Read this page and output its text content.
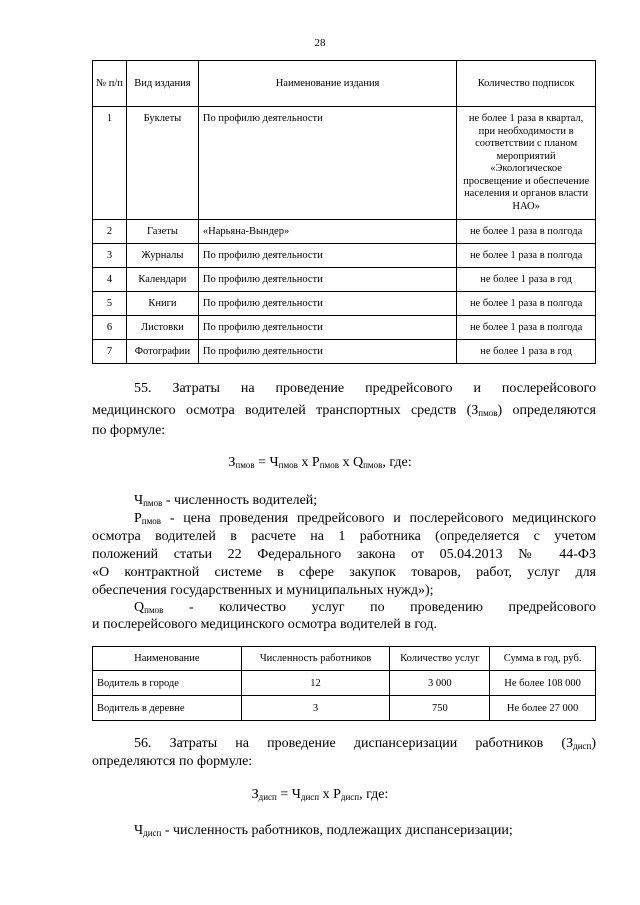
28
№ п/п	Вид издания	Наименование издания	Количество подписок
1	Буклеты	По профилю деятельности	не более 1 раза в квартал, при необходимости в соответствии с планом мероприятий «Экологическое просвещение и обеспечение населения и органов власти НАО»
2	Газеты	«Нарьяна-Вындер»	не более 1 раза в полгода
3	Журналы	По профилю деятельности	не более 1 раза в полгода
4	Календари	По профилю деятельности	не более 1 раза в год
5	Книги	По профилю деятельности	не более 1 раза в полгода
6	Листовки	По профилю деятельности	не более 1 раза в полгода
7	Фотографии	По профилю деятельности	не более 1 раза в год
55. Затраты на проведение предрейсового и послерейсового
медицинского осмотра водителей транспортных средств $(З_{пмов})$ определяются
по формуле:
$З_{пмов} = Ч_{пмов}$ х $Р_{пмов}$ х $Q_{пмов}$, где:
$Ч_{пмов}$ - численность водителей;
$Р_{пмов}$ - цена проведения предрейсового и послерейсового медицинского
осмотра водителей в расчете на 1 работника (определяется с учетом
положений статьи 22 Федерального закона от 05.04.2013 № 44-ФЗ
«О контрактной системе в сфере закупок товаров, работ, услуг для
обеспечения государственных и муниципальных нужд»);
$Q_{пмов}$ - количество услуг по проведению предрейсового
и послерейсового медицинского осмотра водителей в год.
Наименование	Численность работников	Количество услуг	Сумма в год, руб.
Водитель в городе	12	3 000	Не более 108 000
Водитель в деревне	3	750	Не более 27 000
56. Затраты на проведение диспансеризации работников $(З_{дисп})$
определяются по формуле:
$З_{дисп} = Ч_{дисп}$ х $Р_{дисп}$, где:
$Ч_{дисп}$ - численность работников, подлежащих диспансеризации;
